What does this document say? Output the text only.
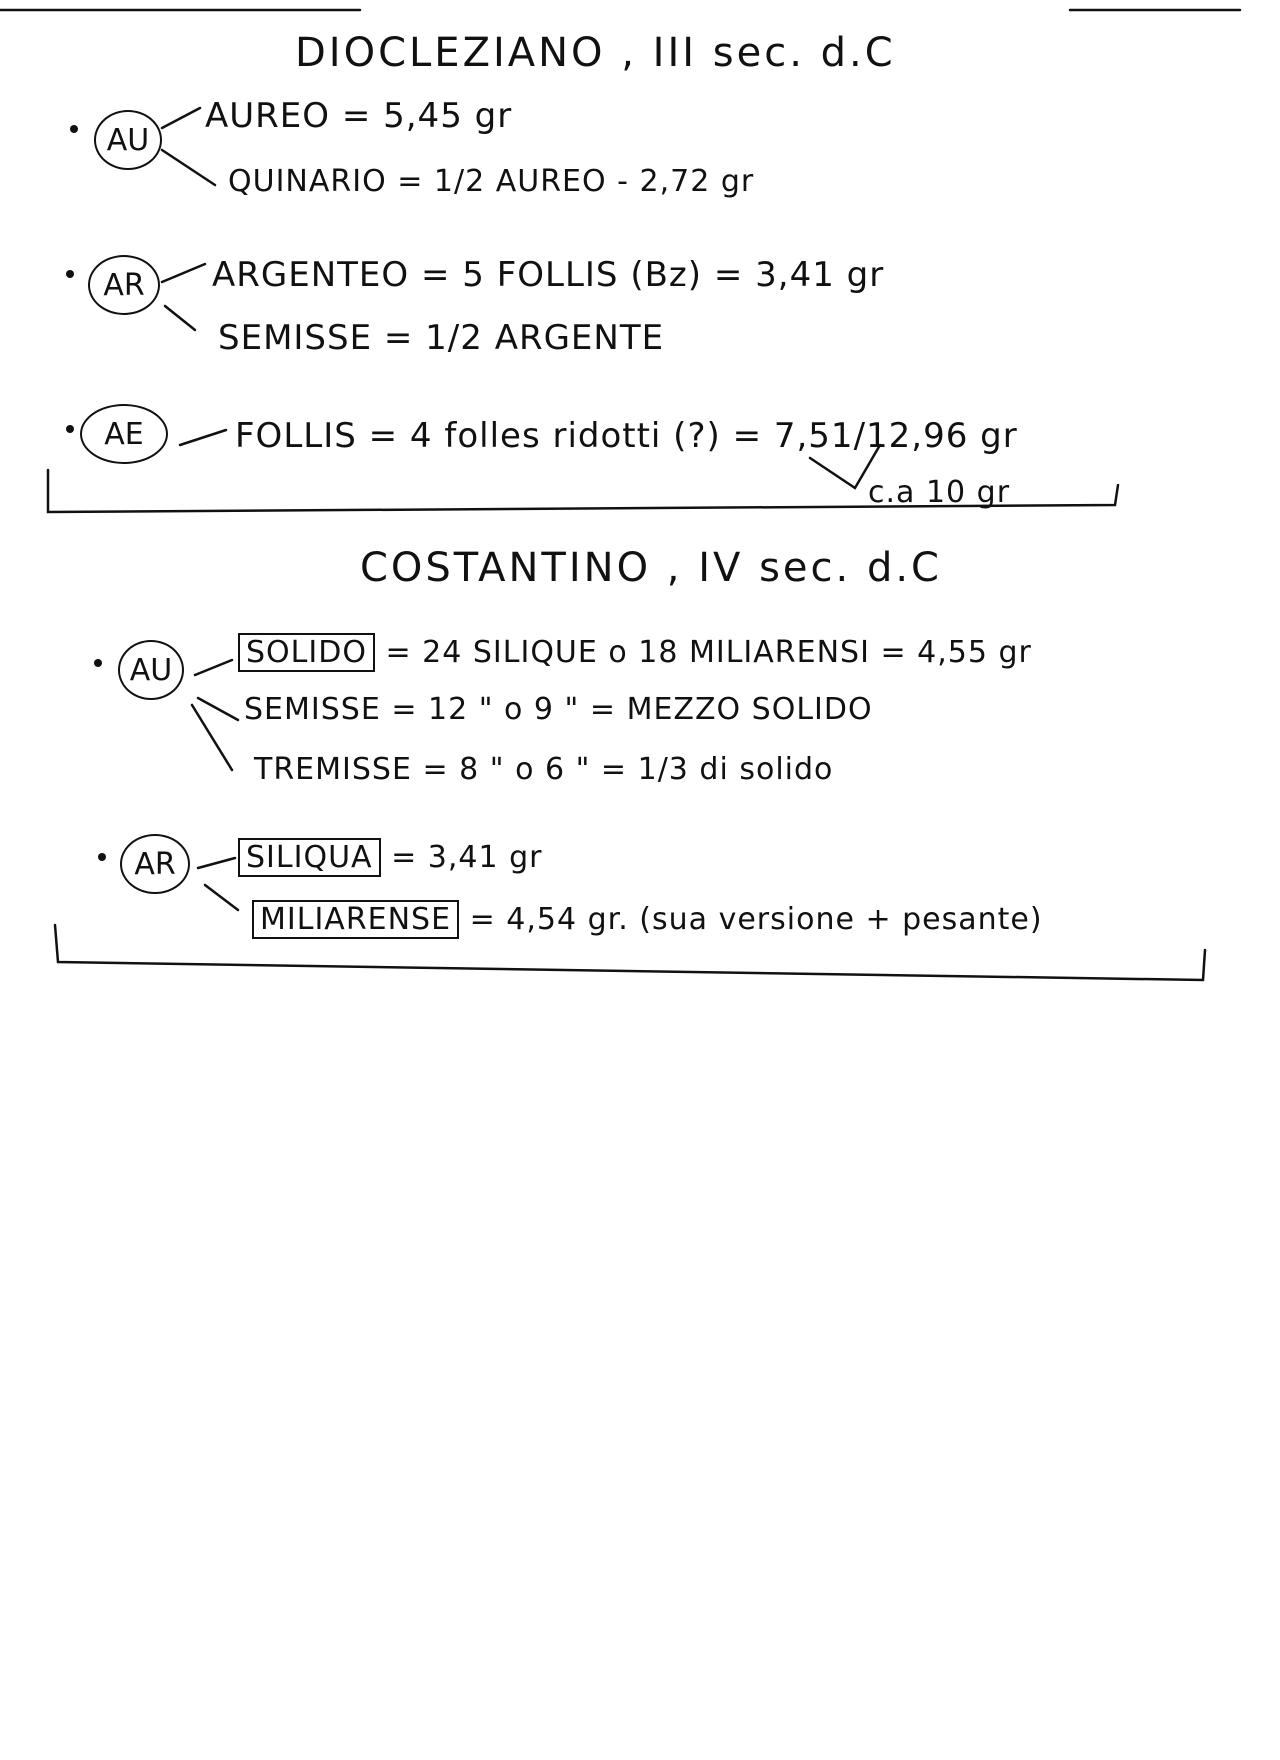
DIOCLEZIANO , III sec. d.C
AU
AUREO = 5,45 gr
QUINARIO = 1/2 AUREO - 2,72 gr
AR	ARGENTEO = 5 FOLLIS (Bz) = 3,41 gr
SEMISSE = 1/2 ARGENTE
AE	FOLLIS = 4 folles ridotti (?) = 7,51/12,96 gr
c.a 10 gr
COSTANTINO , IV sec. d.C
AU	SOLIDO = 24 SILIQUE o 18 MILIARENSI = 4,55 gr
SEMISSE = 12 " o 9 " = MEZZO SOLIDO
TREMISSE = 8 " o 6 " = 1/3 di solido
AR	SILIQUA = 3,41 gr
MILIARENSE = 4,54 gr. (sua versione + pesante)
